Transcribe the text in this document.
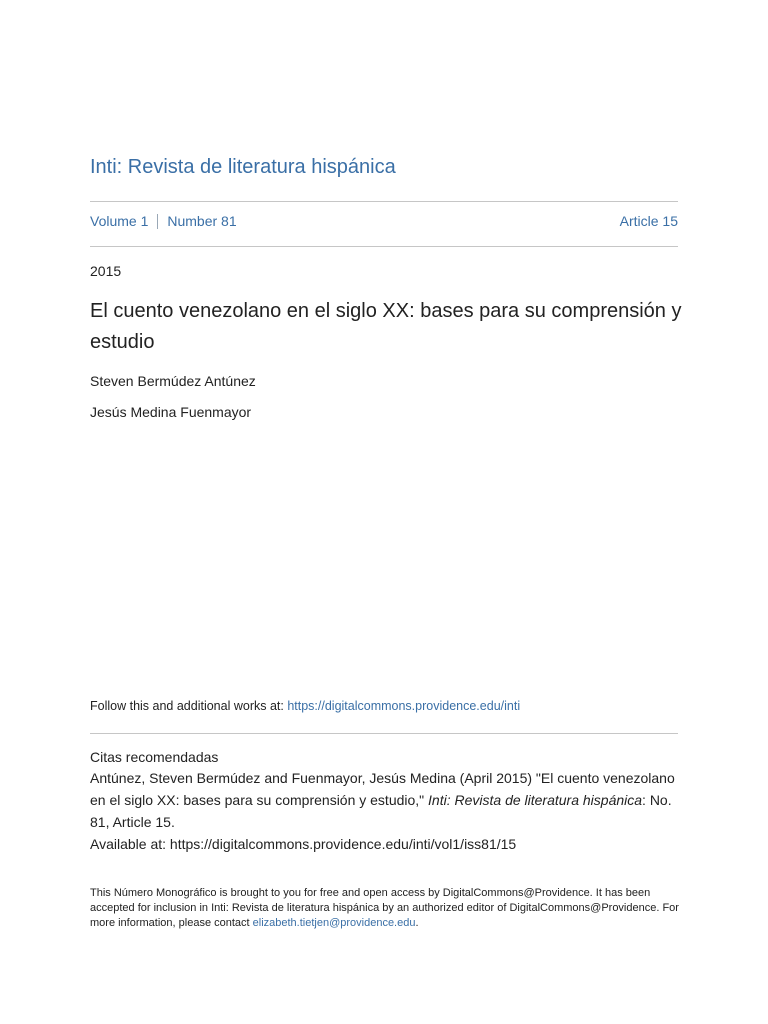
Inti: Revista de literatura hispánica
Volume 1 Number 81	Article 15
2015
El cuento venezolano en el siglo XX: bases para su comprensión y estudio
Steven Bermúdez Antúnez
Jesús Medina Fuenmayor
Follow this and additional works at: https://digitalcommons.providence.edu/inti
Citas recomendadas
Antúnez, Steven Bermúdez and Fuenmayor, Jesús Medina (April 2015) "El cuento venezolano en el siglo XX: bases para su comprensión y estudio," Inti: Revista de literatura hispánica: No. 81, Article 15.
Available at: https://digitalcommons.providence.edu/inti/vol1/iss81/15
This Número Monográfico is brought to you for free and open access by DigitalCommons@Providence. It has been accepted for inclusion in Inti: Revista de literatura hispánica by an authorized editor of DigitalCommons@Providence. For more information, please contact elizabeth.tietjen@providence.edu.
